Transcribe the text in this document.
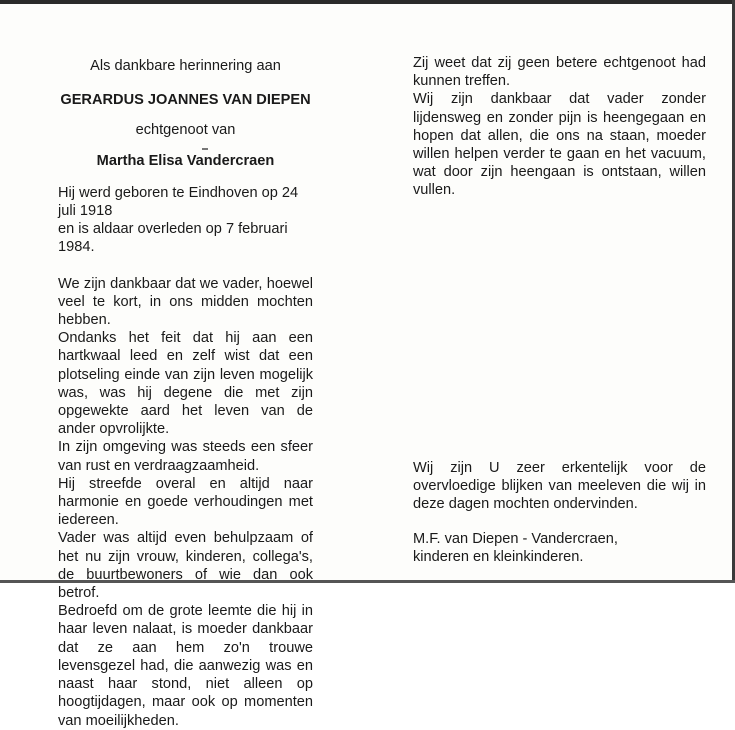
Als dankbare herinnering aan

GERARDUS JOANNES VAN DIEPEN

echtgenoot van

Martha Elisa Vandercraen

Hij werd geboren te Eindhoven op 24 juli 1918

en is aldaar overleden op 7 februari 1984.

We zijn dankbaar dat we vader, hoewel veel te kort, in ons midden mochten hebben.

Ondanks het feit dat hij aan een hartkwaal leed en zelf wist dat een plotseling einde van zijn leven mogelijk was, was hij degene die met zijn opgewekte aard het leven van de ander opvrolijkte.

In zijn omgeving was steeds een sfeer van rust en verdraagzaamheid.

Hij streefde overal en altijd naar harmonie en goede verhoudingen met iedereen.

Vader was altijd even behulpzaam of het nu zijn vrouw, kinderen, collega's, de buurtbewoners of wie dan ook betrof.

Bedroefd om de grote leemte die hij in haar leven nalaat, is moeder dankbaar dat ze aan hem zo'n trouwe levensgezel had, die aanwezig was en naast haar stond, niet alleen op hoogtijdagen, maar ook op momenten van moeilijkheden.

Zij weet dat zij geen betere echtgenoot had kunnen treffen.

Wij zijn dankbaar dat vader zonder lijdensweg en zonder pijn is heengegaan en hopen dat allen, die ons na staan, moeder willen helpen verder te gaan en het vacuum, wat door zijn heengaan is ontstaan, willen vullen.

Wij zijn U zeer erkentelijk voor de overvloedige blijken van meeleven die wij in deze dagen mochten ondervinden.

M.F. van Diepen - Vandercraen,

kinderen en kleinkinderen.
